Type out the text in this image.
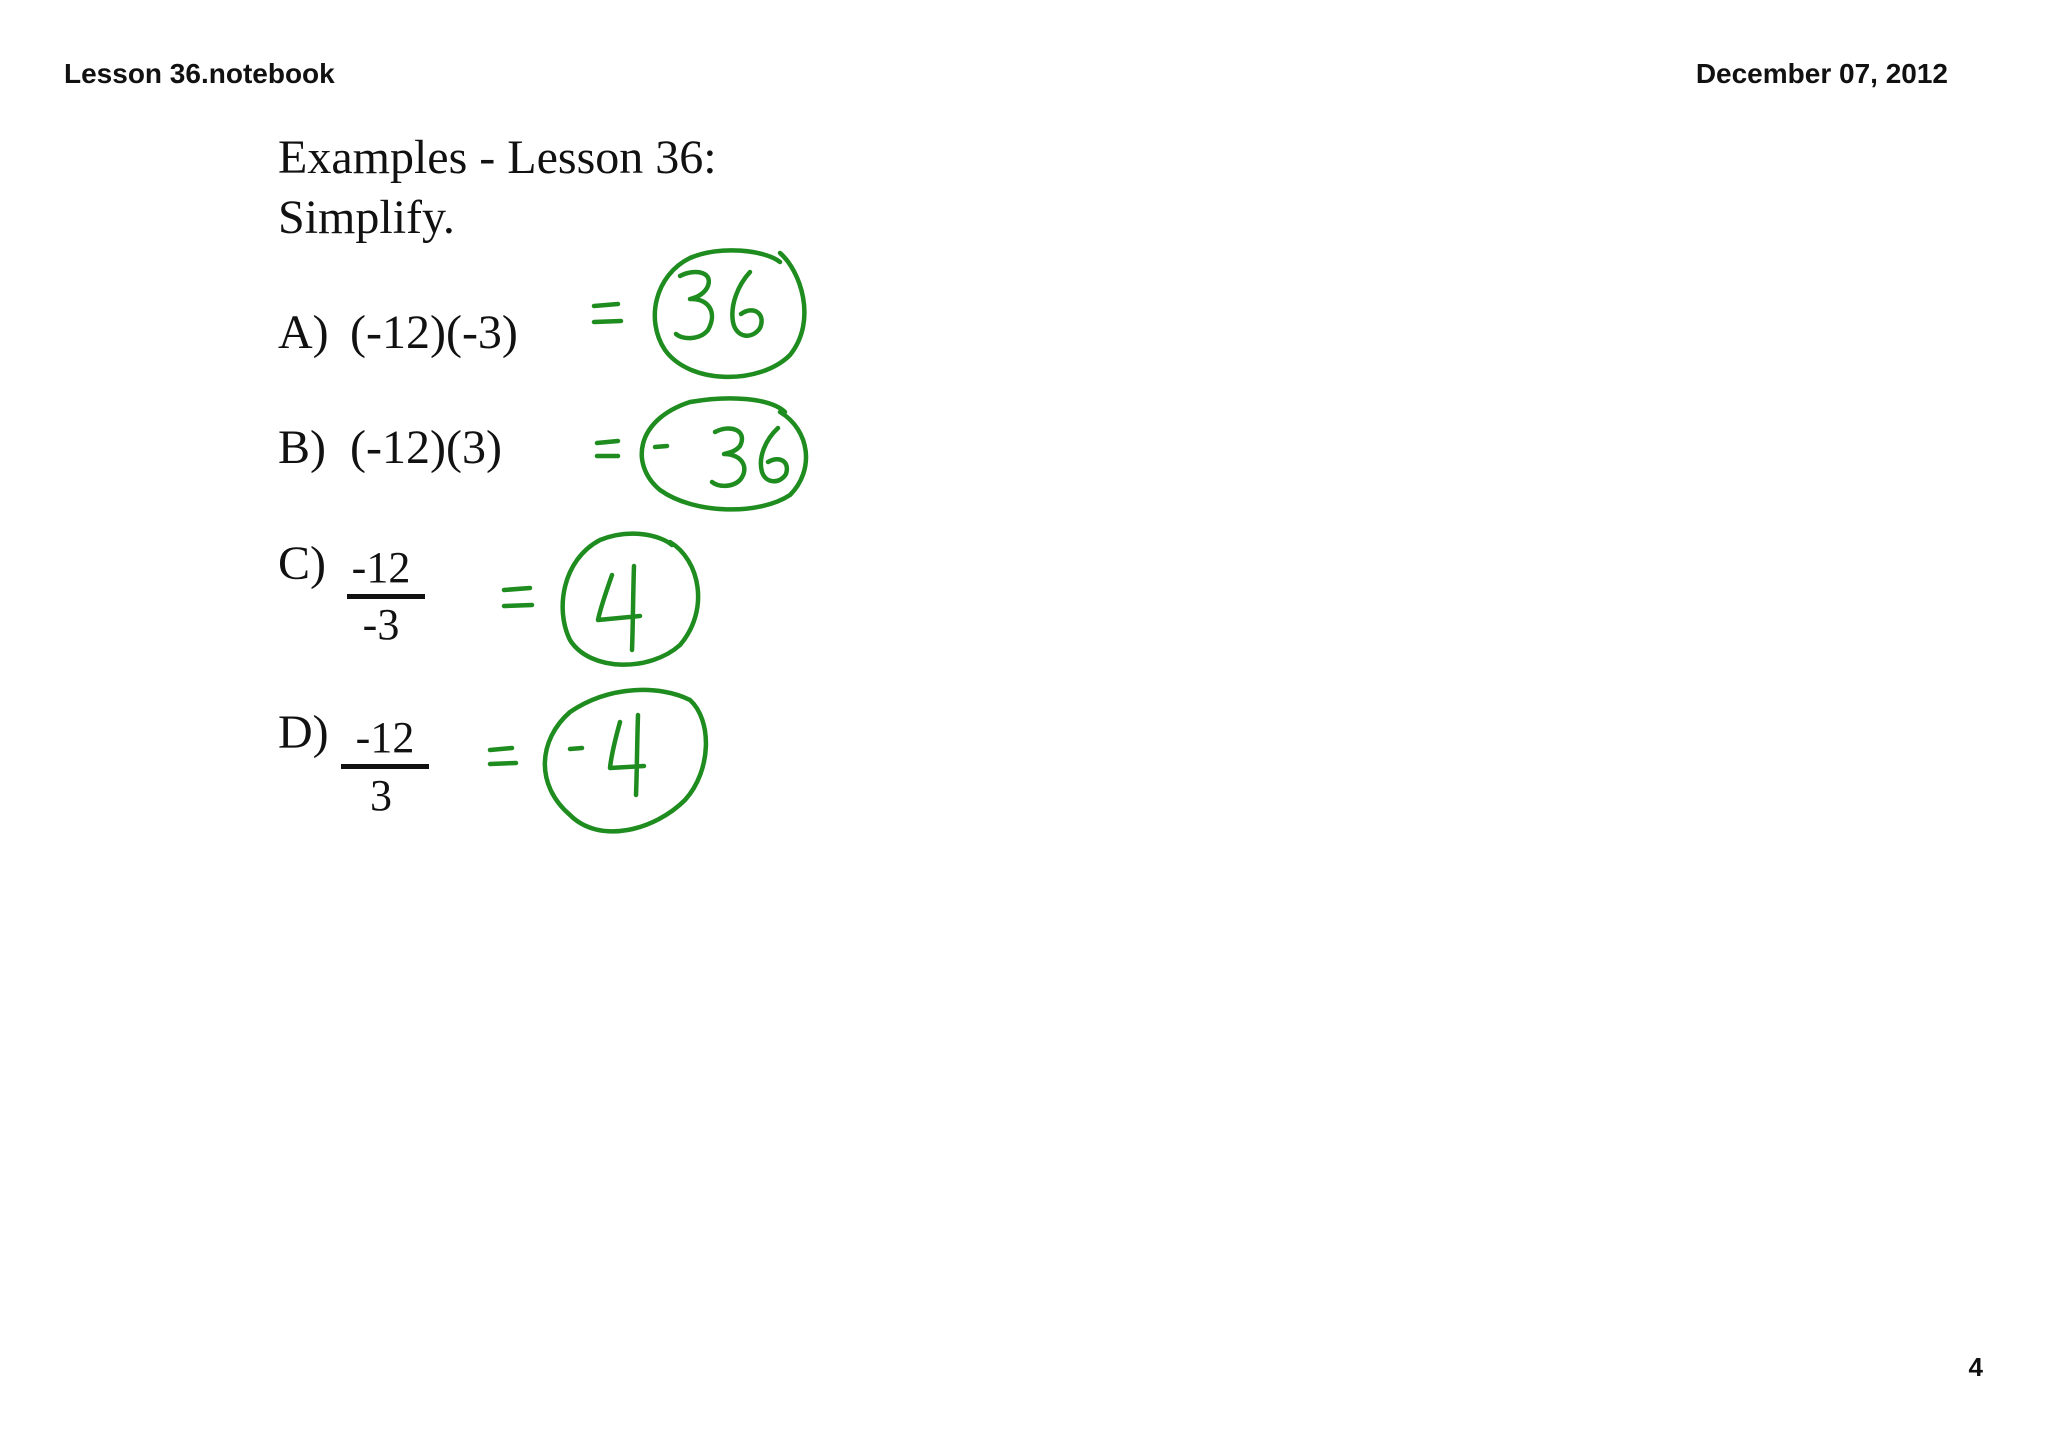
Lesson 36.notebook	December 07, 2012
Examples - Lesson 36:
Simplify.
A) (-12)(-3)
B) (-12)(3)
C) -12
-3
D) -12
3
4
